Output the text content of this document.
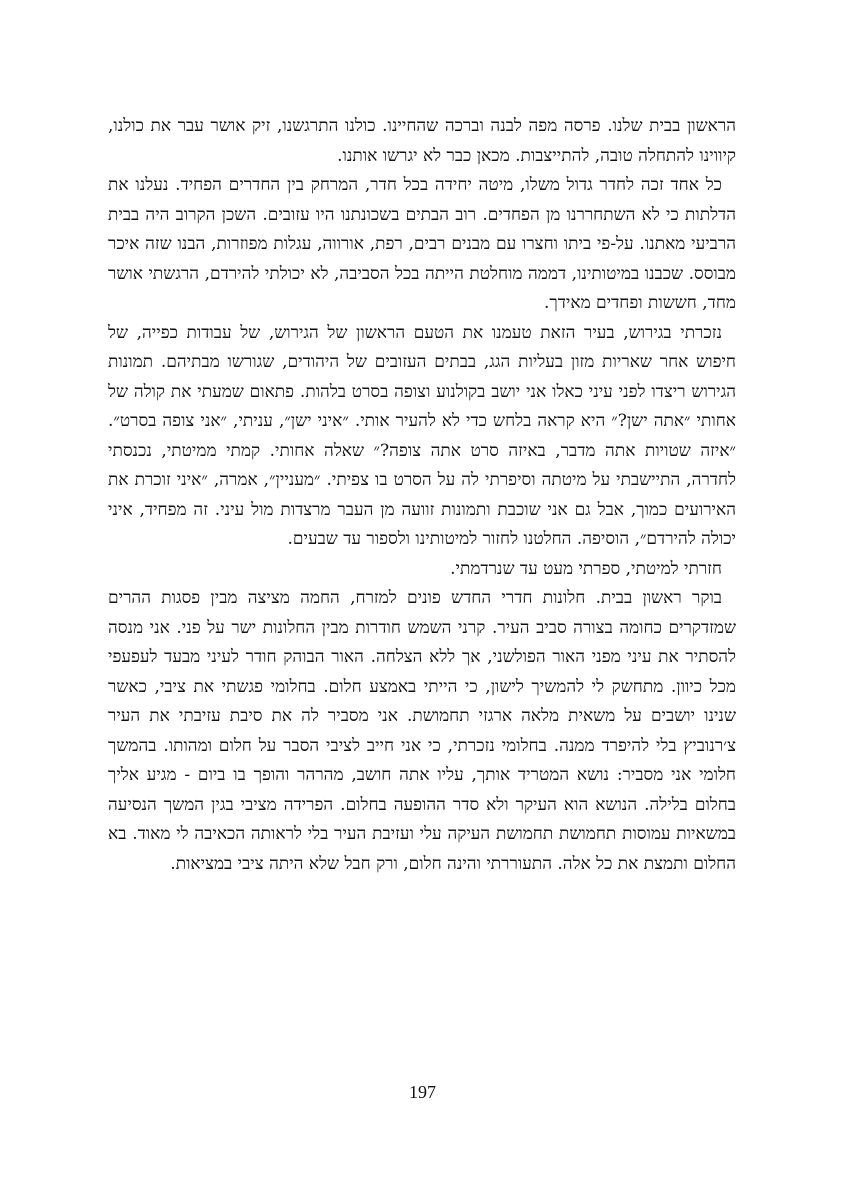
הראשון בבית שלנו. פרסה מפה לבנה וברכה שהחיינו. כולנו התרגשנו, זיק אושר עבר את כולנו, קיווינו להתחלה טובה, להתייצבות. מכאן כבר לא יגרשו אותנו.

כל אחד זכה לחדר גדול משלו, מיטה יחידה בכל חדר, המרחק בין החדרים הפחיד. נעלנו את הדלתות כי לא השתחררנו מן הפחדים. רוב הבתים בשכונתנו היו עזובים. השכן הקרוב היה בבית הרביעי מאתנו. על-פי ביתו וחצרו עם מבנים רבים, רפת, אורווה, עגלות מפוזרות, הבנו שזה איכר מבוסס. שכבנו במיטותינו, דממה מוחלטת הייתה בכל הסביבה, לא יכולתי להירדם, הרגשתי אושר מחד, חששות ופחדים מאידך.

נזכרתי בגירוש, בעיר הזאת טעמנו את הטעם הראשון של הגירוש, של עבודות כפייה, של חיפוש אחר שאריות מזון בעליות הגג, בבתים העזובים של היהודים, שגורשו מבתיהם. תמונות הגירוש ריצדו לפני עיני כאלו אני יושב בקולנוע וצופה בסרט בלהות. פתאום שמעתי את קולה של אחותי ״אתה ישן?״ היא קראה בלחש כדי לא להעיר אותי. ״איני ישן״, עניתי, ״אני צופה בסרט״. ״איזה שטויות אתה מדבר, באיזה סרט אתה צופה?״ שאלה אחותי. קמתי ממיטתי, נכנסתי לחדרה, התיישבתי על מיטתה וסיפרתי לה על הסרט בו צפיתי. ״מעניין״, אמרה, ״איני זוכרת את האירועים כמוך, אבל גם אני שוכבת ותמונות זוועה מן העבר מרצדות מול עיני. זה מפחיד, איני יכולה להירדם״, הוסיפה. החלטנו לחזור למיטותינו ולספור עד שבעים.

חזרתי למיטתי, ספרתי מעט עד שנרדמתי.

בוקר ראשון בבית. חלונות חדרי החדש פונים למזרח, החמה מציצה מבין פסגות ההרים שמזדקרים כחומה בצורה סביב העיר. קרני השמש חודרות מבין החלונות ישר על פני. אני מנסה להסתיר את עיני מפני האור הפולשני, אך ללא הצלחה. האור הבוהק חודר לעיני מבעד לעפעפי מכל כיוון. מתחשק לי להמשיך לישון, כי הייתי באמצע חלום. בחלומי פגשתי את ציבי, כאשר שנינו יושבים על משאית מלאה ארגזי תחמושת. אני מסביר לה את סיבת עזיבתי את העיר צ׳רנוביץ בלי להיפרד ממנה. בחלומי נזכרתי, כי אני חייב לציבי הסבר על חלום ומהותו. בהמשך חלומי אני מסביר: נושא המטריד אותך, עליו אתה חושב, מהרהר והופך בו ביום - מגיע אליך בחלום בלילה. הנושא הוא העיקר ולא סדר ההופעה בחלום. הפרידה מציבי בגין המשך הנסיעה במשאיות עמוסות תחמושת תחמושת העיקה עלי ועזיבת העיר בלי לראותה הכאיבה לי מאוד. בא החלום ותמצת את כל אלה. התעוררתי והינה חלום, ורק חבל שלא היתה ציבי במציאות.

197
